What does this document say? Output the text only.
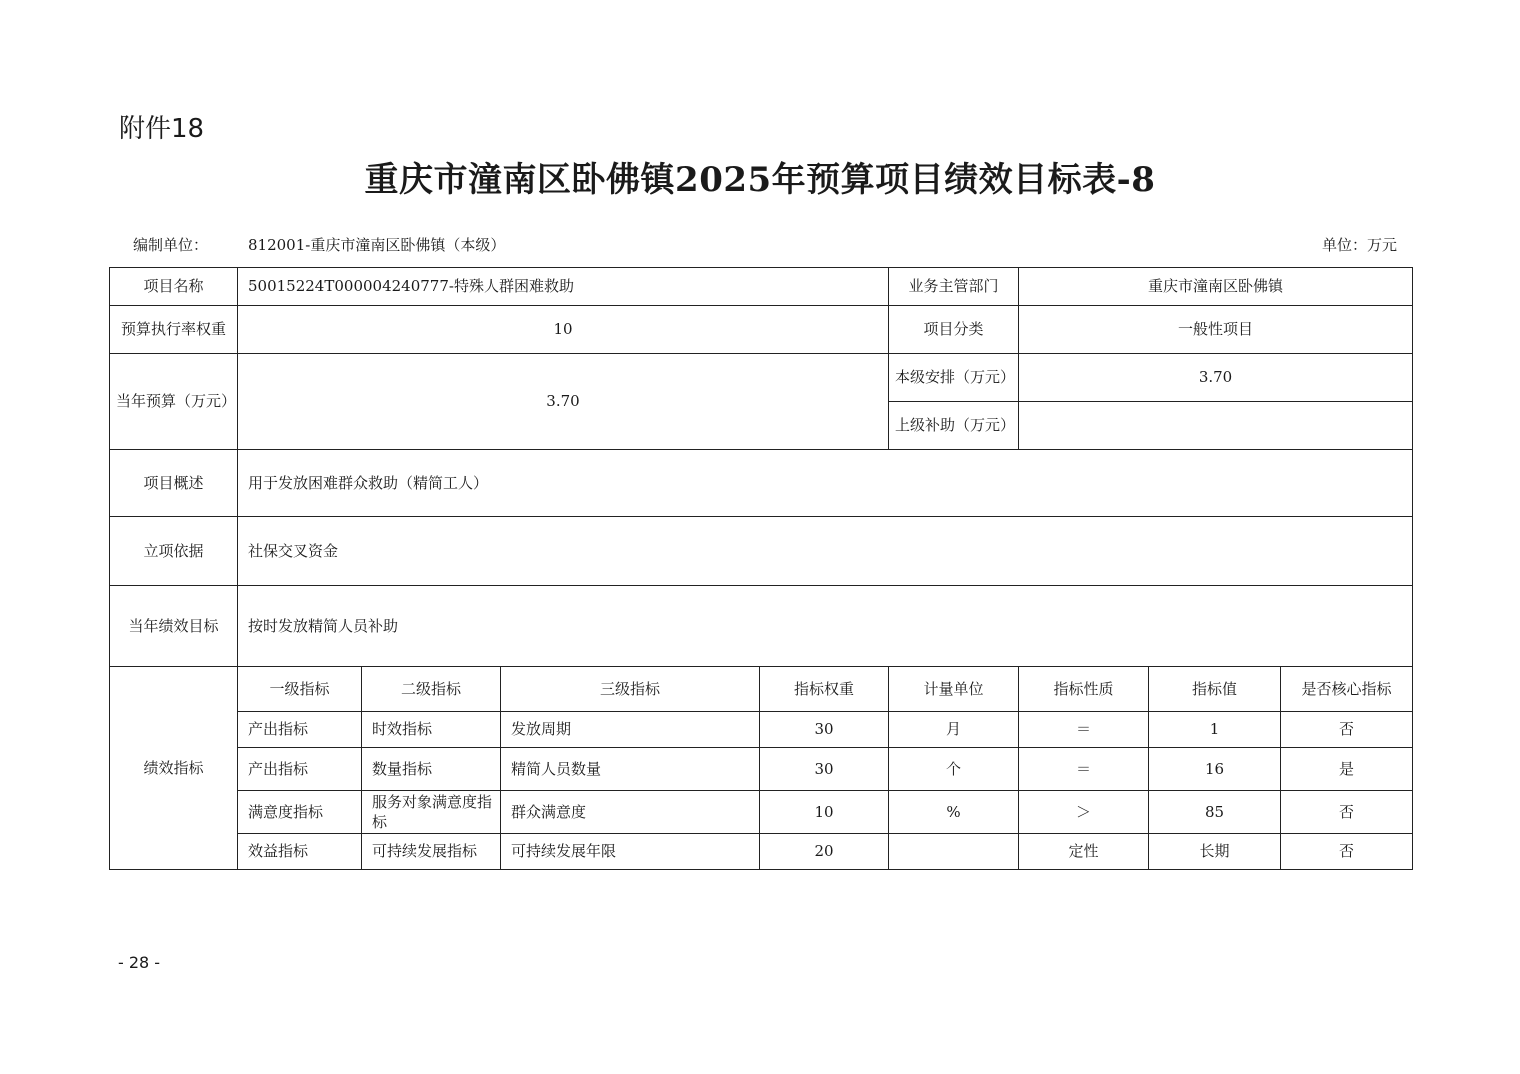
附件18
重庆市潼南区卧佛镇2025年预算项目绩效目标表-8
编制单位：	812001-重庆市潼南区卧佛镇（本级）	单位：万元
项目名称	50015224T000004240777-特殊人群困难救助				业务主管部门	重庆市潼南区卧佛镇		
预算执行率权重	10				项目分类	一般性项目		
当年预算（万元）	3.70				本级安排（万元）	3.70		
					上级补助（万元）			
项目概述	用于发放困难群众救助（精简工人）							
立项依据	社保交叉资金							
当年绩效目标	按时发放精简人员补助							
绩效指标	一级指标	二级指标	三级指标	指标权重	计量单位	指标性质	指标值	是否核心指标
	产出指标	时效指标	发放周期	30	月	＝	1	否
	产出指标	数量指标	精简人员数量	30	个	＝	16	是
	满意度指标	服务对象满意度指标	群众满意度	10	%	＞	85	否
	效益指标	可持续发展指标	可持续发展年限	20		定性	长期	否
- 28 -
